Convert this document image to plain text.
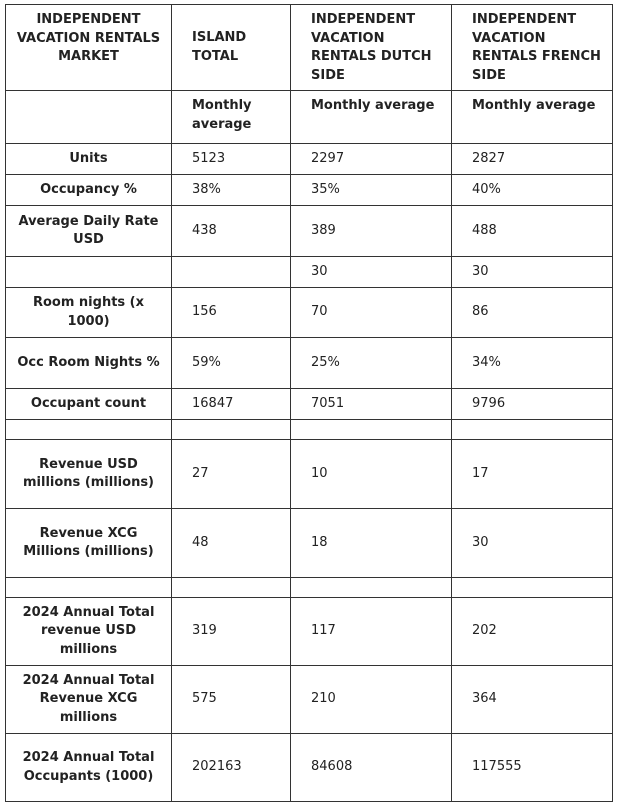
INDEPENDENT VACATION RENTALS MARKET	ISLAND TOTAL	INDEPENDENT VACATION RENTALS DUTCH SIDE	INDEPENDENT VACATION RENTALS FRENCH SIDE
	Monthly average	Monthly average	Monthly average
Units	5123	2297	2827
Occupancy %	38%	35%	40%
Average Daily Rate USD	438	389	488
		30	30
Room nights (x 1000)	156	70	86
Occ Room Nights %	59%	25%	34%
Occupant count	16847	7051	9796

Revenue USD millions (millions)	27	10	17
Revenue XCG Millions (millions)	48	18	30

2024 Annual Total revenue USD millions	319	117	202
2024 Annual Total Revenue XCG millions	575	210	364
2024 Annual Total Occupants (1000)	202163	84608	117555
